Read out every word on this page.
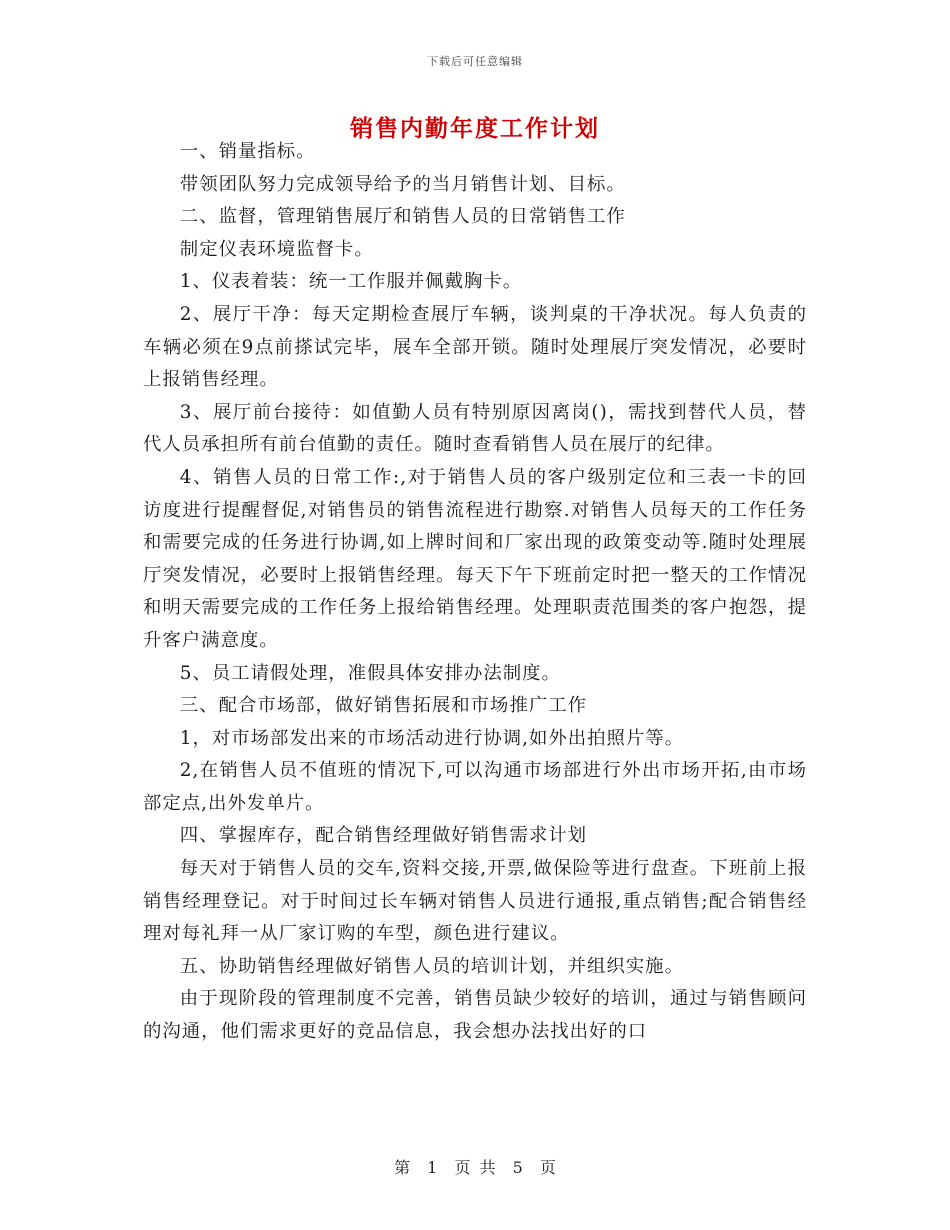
下载后可任意编辑
销售内勤年度工作计划

一、销量指标。

带领团队努力完成领导给予的当月销售计划、目标。

二、监督，管理销售展厅和销售人员的日常销售工作

制定仪表环境监督卡。

1、仪表着装：统一工作服并佩戴胸卡。

2、展厅干净：每天定期检查展厅车辆，谈判桌的干净状况。每人负责的车辆必须在9点前搽试完毕，展车全部开锁。随时处理展厅突发情况，必要时上报销售经理。

3、展厅前台接待：如值勤人员有特别原因离岗()，需找到替代人员，替代人员承担所有前台值勤的责任。随时查看销售人员在展厅的纪律。

4、销售人员的日常工作:,对于销售人员的客户级别定位和三表一卡的回访度进行提醒督促,对销售员的销售流程进行勘察.对销售人员每天的工作任务和需要完成的任务进行协调,如上牌时间和厂家出现的政策变动等.随时处理展厅突发情况，必要时上报销售经理。每天下午下班前定时把一整天的工作情况和明天需要完成的工作任务上报给销售经理。处理职责范围类的客户抱怨，提升客户满意度。

5、员工请假处理，准假具体安排办法制度。

三、配合市场部，做好销售拓展和市场推广工作

1，对市场部发出来的市场活动进行协调,如外出拍照片等。

2,在销售人员不值班的情况下,可以沟通市场部进行外出市场开拓,由市场部定点,出外发单片。

四、掌握库存，配合销售经理做好销售需求计划

每天对于销售人员的交车,资料交接,开票,做保险等进行盘查。下班前上报销售经理登记。对于时间过长车辆对销售人员进行通报,重点销售;配合销售经理对每礼拜一从厂家订购的车型，颜色进行建议。

五、协助销售经理做好销售人员的培训计划，并组织实施。

由于现阶段的管理制度不完善，销售员缺少较好的培训，通过与销售顾问的沟通，他们需求更好的竞品信息，我会想办法找出好的口

第 1 页 共 5 页
